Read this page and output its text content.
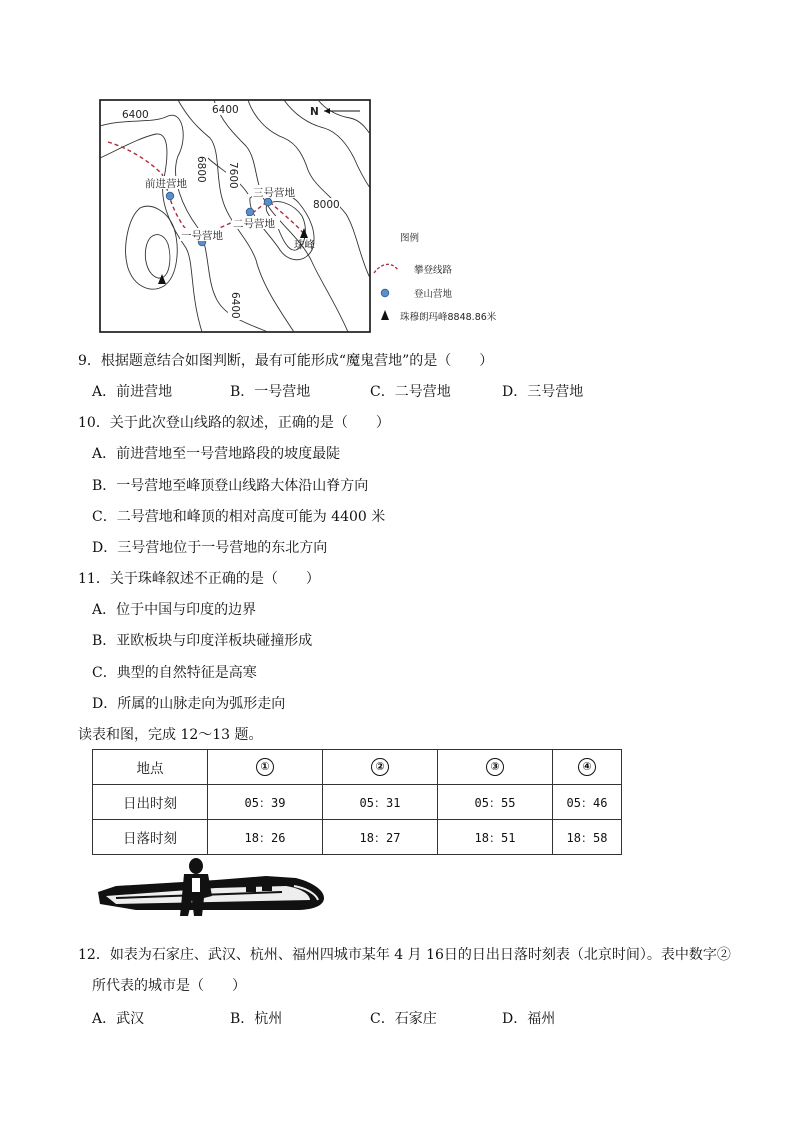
6400	6400
6800 7600
8000
6400
N
前进营地
一号营地
二号营地
三号营地
珠峰
图例
攀登线路
登山营地
珠穆朗玛峰8848.86米
9．根据题意结合如图判断，最有可能形成“魔鬼营地”的是（　　）
A．前进营地	B．一号营地	C．二号营地	D．三号营地
10．关于此次登山线路的叙述，正确的是（　　）
A．前进营地至一号营地路段的坡度最陡
B．一号营地至峰顶登山线路大体沿山脊方向
C．二号营地和峰顶的相对高度可能为 4400 米
D．三号营地位于一号营地的东北方向
11．关于珠峰叙述不正确的是（　　）
A．位于中国与印度的边界
B．亚欧板块与印度洋板块碰撞形成
C．典型的自然特征是高寒
D．所属的山脉走向为弧形走向
读表和图，完成 12～13 题。
地点	①	②	③	④
日出时刻	05：39	05：31	05：55	05：46
日落时刻	18：26	18：27	18：51	18：58
12．如表为石家庄、武汉、杭州、福州四城市某年 4 月 16日的日出日落时刻表（北京时间）。表中数字②
所代表的城市是（　　）
A．武汉	B．杭州	C．石家庄	D．福州
